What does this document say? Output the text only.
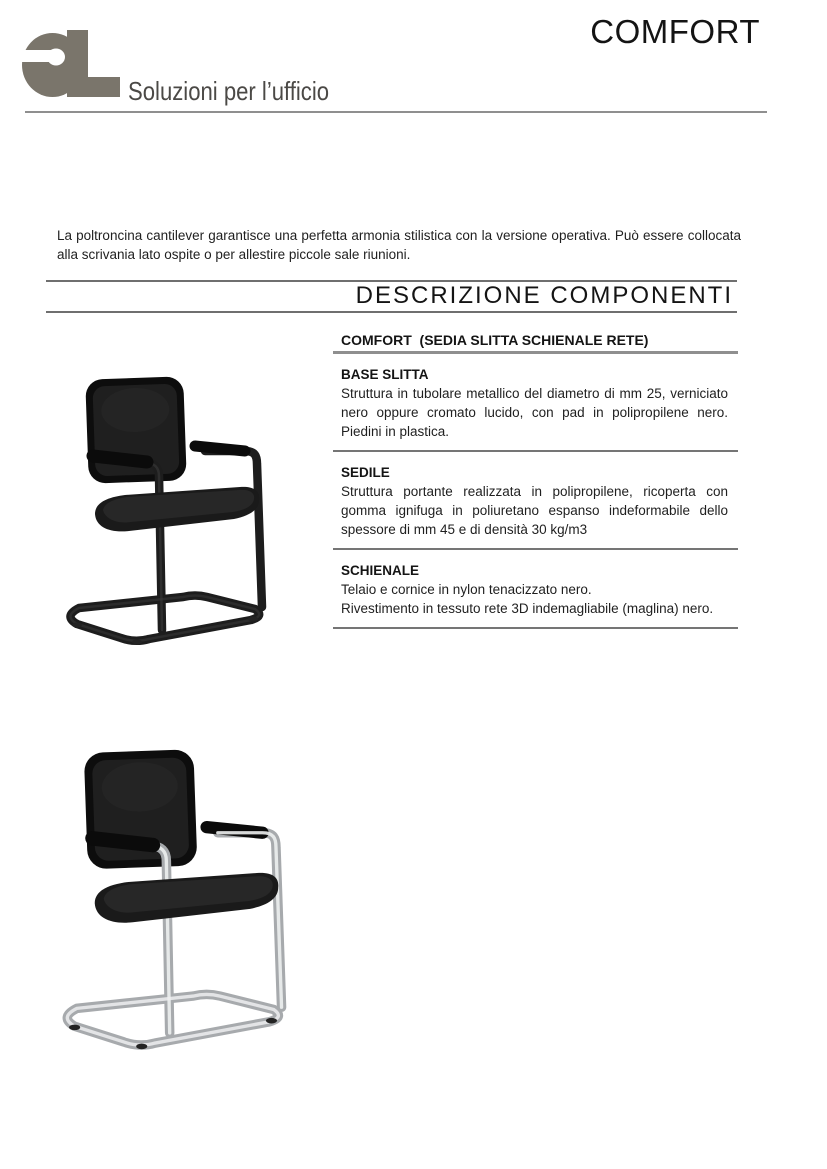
Soluzioni per l’ufficio
COMFORT

La poltroncina cantilever garantisce una perfetta armonia stilistica con la versione operativa. Può essere collocata alla scrivania lato ospite o per allestire piccole sale riunioni.

DESCRIZIONE COMPONENTI
COMFORT  (SEDIA SLITTA SCHIENALE RETE)
BASE SLITTA
Struttura in tubolare metallico del diametro di mm 25, verniciato nero oppure cromato lucido, con pad in polipropilene nero. Piedini in plastica.
SEDILE
Struttura portante realizzata in polipropilene, ricoperta con gomma ignifuga in poliuretano espanso indeformabile dello spessore di mm 45 e di densità 30 kg/m3
SCHIENALE
Telaio e cornice in nylon tenacizzato nero.
Rivestimento in tessuto rete 3D indemagliabile (maglina) nero.
